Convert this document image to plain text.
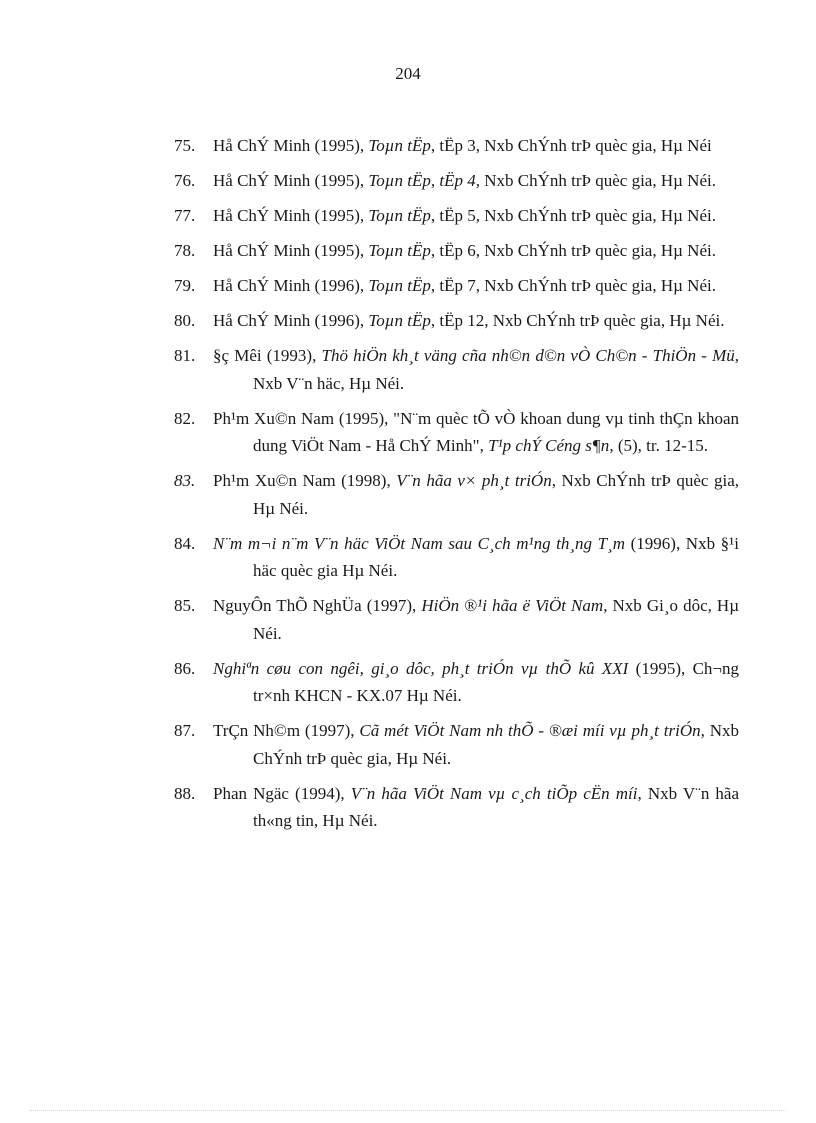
204
75. Hå ChÝ Minh (1995), Toµn tËp, tËp 3, Nxb ChÝnh trÞ quèc gia, Hµ Néi
76. Hå ChÝ Minh (1995), Toµn tËp, tËp 4, Nxb ChÝnh trÞ quèc gia, Hµ Néi.
77. Hå ChÝ Minh (1995), Toµn tËp, tËp 5, Nxb ChÝnh trÞ quèc gia, Hµ Néi.
78. Hå ChÝ Minh (1995), Toµn tËp, tËp 6, Nxb ChÝnh trÞ quèc gia, Hµ Néi.
79. Hå ChÝ Minh (1996), Toµn tËp, tËp 7, Nxb ChÝnh trÞ quèc gia, Hµ Néi.
80. Hå ChÝ Minh (1996), Toµn tËp, tËp 12, Nxb ChÝnh trÞ quèc gia, Hµ Néi.
81. §ç Mêi (1993), Thö hiÖn kh¸t väng cña nh©n d©n vÒ Ch©n - ThiÖn - Mü, Nxb V¨n häc, Hµ Néi.
82. Ph¹m Xu©n Nam (1995), "N¨m quèc tÕ vÒ khoan dung vµ tinh thÇn khoan dung ViÖt Nam - Hå ChÝ Minh", T¹p chÝ Céng s¶n, (5), tr. 12-15.
83. Ph¹m Xu©n Nam (1998), V¨n hãa v× ph¸t triÓn, Nxb ChÝnh trÞ quèc gia, Hµ Néi.
84. N¨m m¬i n¨m V¨n häc ViÖt Nam sau C¸ch m¹ng th¸ng T¸m (1996), Nxb §¹i häc quèc gia Hµ Néi.
85. NguyÔn ThÕ NghÜa (1997), HiÖn ®¹i hãa ë ViÖt Nam, Nxb Gi¸o dôc, Hµ Néi.
86. Nghiªn cøu con ngêi, gi¸o dôc, ph¸t triÓn vµ thÕ kû XXI (1995), Ch¬ng tr×nh KHCN - KX.07 Hµ Néi.
87. TrÇn Nh©m (1997), Cã mét ViÖt Nam nh thÕ - ®æi míi vµ ph¸t triÓn, Nxb ChÝnh trÞ quèc gia, Hµ Néi.
88. Phan Ngäc (1994), V¨n hãa ViÖt Nam vµ c¸ch tiÕp cËn míi, Nxb V¨n hãa th«ng tin, Hµ Néi.
